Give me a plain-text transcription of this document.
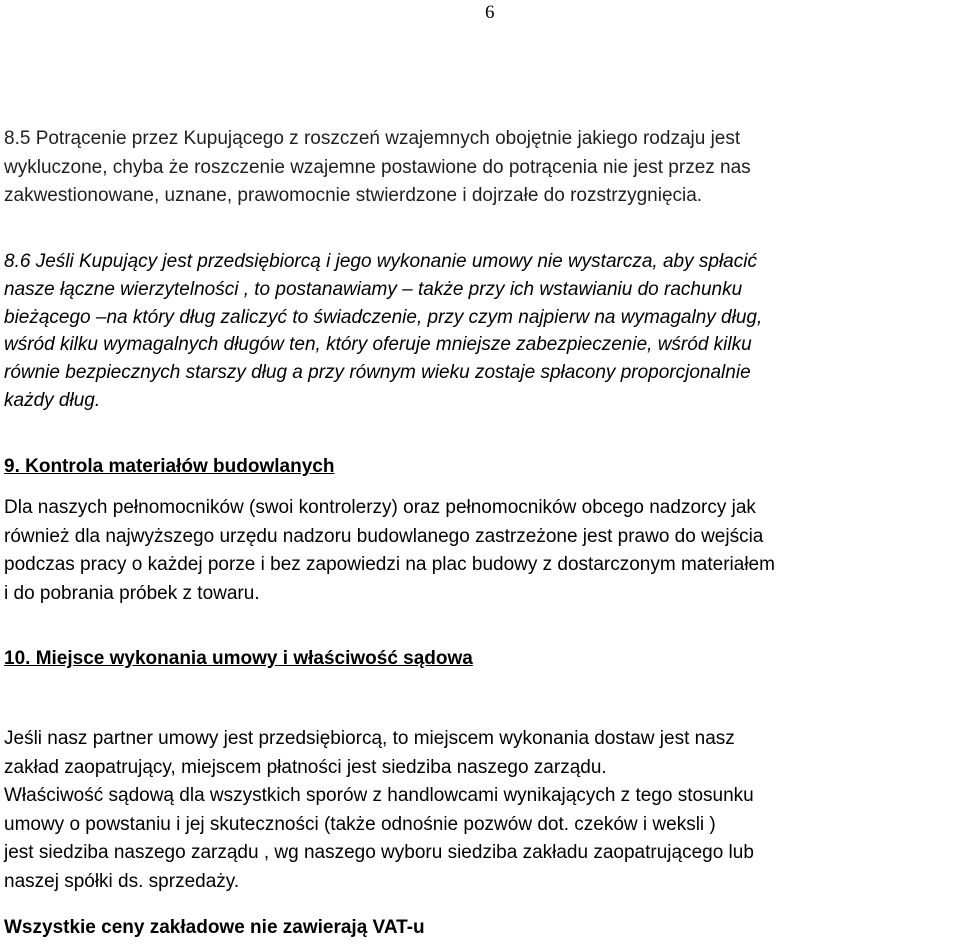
6
8.5 Potrącenie przez Kupującego z roszczeń wzajemnych obojętnie jakiego rodzaju jest
wykluczone, chyba że roszczenie wzajemne postawione do potrącenia nie jest przez nas
zakwestionowane, uznane, prawomocnie stwierdzone i dojrzałe do rozstrzygnięcia.
8.6 Jeśli Kupujący jest przedsiębiorcą i jego wykonanie umowy nie wystarcza, aby spłacić
nasze łączne wierzytelności , to postanawiamy – także przy ich wstawianiu do rachunku
bieżącego –na który dług zaliczyć to świadczenie, przy czym najpierw na wymagalny dług,
wśród kilku wymagalnych długów ten, który oferuje mniejsze zabezpieczenie, wśród kilku
równie bezpiecznych starszy dług a przy równym wieku zostaje spłacony proporcjonalnie
każdy dług.
9. Kontrola materiałów budowlanych
Dla naszych pełnomocników (swoi kontrolerzy) oraz pełnomocników obcego nadzorcy jak
również dla najwyższego urzędu nadzoru budowlanego zastrzeżone jest prawo do wejścia
podczas pracy o każdej porze i bez zapowiedzi na plac budowy z dostarczonym materiałem
i do pobrania próbek z towaru.
10. Miejsce wykonania umowy i właściwość sądowa
Jeśli nasz partner umowy jest przedsiębiorcą, to miejscem wykonania dostaw jest nasz
zakład zaopatrujący, miejscem płatności jest siedziba naszego zarządu.
Właściwość sądową dla wszystkich sporów z handlowcami wynikających z tego stosunku
umowy o powstaniu i jej skuteczności (także odnośnie pozwów dot. czeków i weksli )
jest siedziba naszego zarządu , wg naszego wyboru siedziba zakładu zaopatrującego lub
naszej spółki ds. sprzedaży.
Wszystkie ceny zakładowe nie zawierają VAT-u
